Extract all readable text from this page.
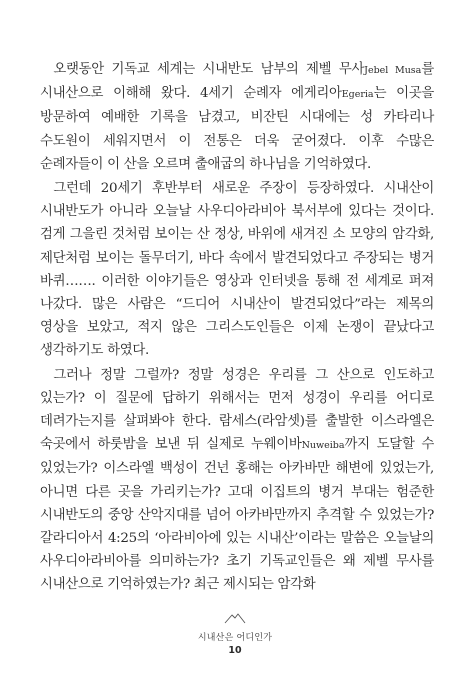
오랫동안 기독교 세계는 시내반도 남부의 제벨 무사Jebel Musa를 시내산으로 이해해 왔다. 4세기 순례자 에게리아Egeria는 이곳을 방문하여 예배한 기록을 남겼고, 비잔틴 시대에는 성 카타리나 수도원이 세워지면서 이 전통은 더욱 굳어졌다. 이후 수많은 순례자들이 이 산을 오르며 출애굽의 하나님을 기억하였다.

그런데 20세기 후반부터 새로운 주장이 등장하였다. 시내산이 시내반도가 아니라 오늘날 사우디아라비아 북서부에 있다는 것이다. 검게 그을린 것처럼 보이는 산 정상, 바위에 새겨진 소 모양의 암각화, 제단처럼 보이는 돌무더기, 바다 속에서 발견되었다고 주장되는 병거 바퀴……. 이러한 이야기들은 영상과 인터넷을 통해 전 세계로 퍼져 나갔다. 많은 사람은 “드디어 시내산이 발견되었다”라는 제목의 영상을 보았고, 적지 않은 그리스도인들은 이제 논쟁이 끝났다고 생각하기도 하였다.

그러나 정말 그럴까? 정말 성경은 우리를 그 산으로 인도하고 있는가? 이 질문에 답하기 위해서는 먼저 성경이 우리를 어디로 데려가는지를 살펴봐야 한다. 람세스(라암셋)를 출발한 이스라엘은 숙곳에서 하룻밤을 보낸 뒤 실제로 누웨이바Nuweiba까지 도달할 수 있었는가? 이스라엘 백성이 건넌 홍해는 아카바만 해변에 있었는가, 아니면 다른 곳을 가리키는가? 고대 이집트의 병거 부대는 험준한 시내반도의 중앙 산악지대를 넘어 아카바만까지 추격할 수 있었는가? 갈라디아서 4:25의 ‘아라비아에 있는 시내산’이라는 말씀은 오늘날의 사우디아라비아를 의미하는가? 초기 기독교인들은 왜 제벨 무사를 시내산으로 기억하였는가? 최근 제시되는 암각화

시내산은 어디인가
10
